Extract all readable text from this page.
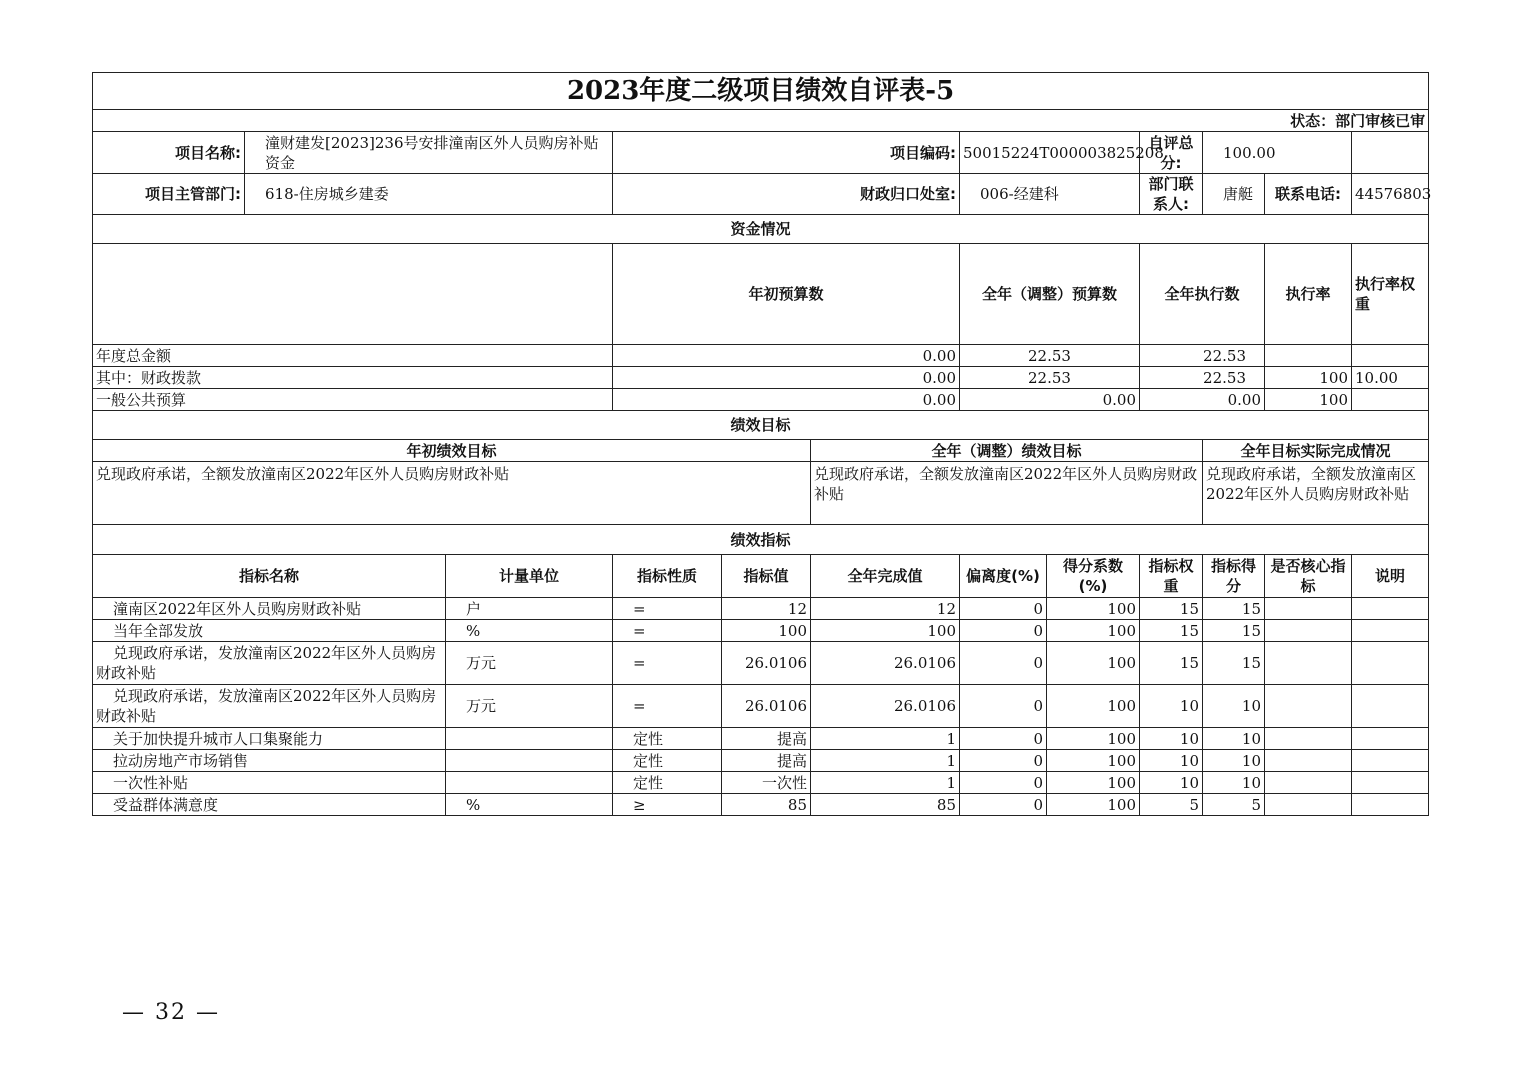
2023年度二级项目绩效自评表-5												
状态：部门审核已审												
项目名称:	潼财建发[2023]236号安排潼南区外人员购房补贴资金		项目编码:			50015224T000003825208		自评总分:	100.00			
项目主管部门:	618-住房城乡建委		财政归口处室:			006-经建科		部门联系人:	唐艇	联系电话:	44576803	
资金情况												
			年初预算数			全年（调整）预算数		全年执行数		执行率	执行率权重	
年度总金额			0.00			22.53		22.53				
其中：财政拨款			0.00			22.53		22.53		100	10.00	
一般公共预算			0.00			0.00		0.00		100		
绩效目标												
年初绩效目标					全年（调整）绩效目标				全年目标实际完成情况			
兑现政府承诺，全额发放潼南区2022年区外人员购房财政补贴					兑现政府承诺，全额发放潼南区2022年区外人员购房财政补贴				兑现政府承诺，全额发放潼南区2022年区外人员购房财政补贴			
绩效指标												
指标名称		计量单位	指标性质	指标值	全年完成值	偏离度(%)	得分系数(%)	指标权重	指标得分	是否核心指标	说明	
潼南区2022年区外人员购房财政补贴		户	=	12	12	0	100	15	15			
当年全部发放		%	=	100	100	0	100	15	15			
兑现政府承诺，发放潼南区2022年区外人员购房财政补贴		万元	=	26.0106	26.0106	0	100	15	15			
兑现政府承诺，发放潼南区2022年区外人员购房财政补贴		万元	=	26.0106	26.0106	0	100	10	10			
关于加快提升城市人口集聚能力			定性	提高	1	0	100	10	10			
拉动房地产市场销售			定性	提高	1	0	100	10	10			
一次性补贴			定性	一次性	1	0	100	10	10			
受益群体满意度		%	≥	85	85	0	100	5	5			
— 32 —
